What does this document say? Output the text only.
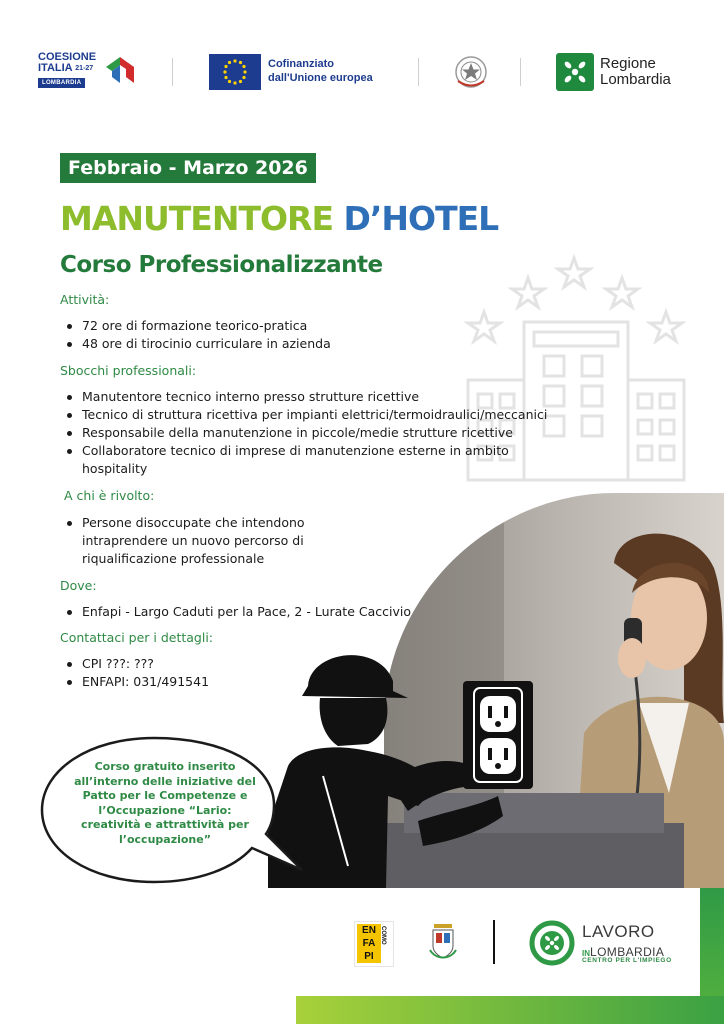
COESIONE
ITALIA $^{21-27}$
LOMBARDIA
Cofinanziato
dall'Unione europea
Regione
Lombardia
Febbraio - Marzo 2026
MANUTENTORE D’HOTEL
Corso Professionalizzante
Attività:
72 ore di formazione teorico-pratica
48 ore di tirocinio curriculare in azienda
Sbocchi professionali:
Manutentore tecnico interno presso strutture ricettive
Tecnico di struttura ricettiva per impianti elettrici/termoidraulici/meccanici
Responsabile della manutenzione in piccole/medie strutture ricettive
Collaboratore tecnico di imprese di manutenzione esterne in ambito hospitality
A chi è rivolto:
Persone disoccupate che intendono intraprendere un nuovo percorso di riqualificazione professionale
Dove:
Enfapi - Largo Caduti per la Pace, 2 - Lurate Caccivio
Contattaci per i dettagli:
CPI ???: ???
ENFAPI: 031/491541
Corso gratuito inserito all’interno delle iniziative del Patto per le Competenze e l’Occupazione “Lario: creatività e attrattività per l’occupazione”
EN
FA
PI
COMO	LAVORO
INLOMBARDIA
CENTRO PER L'IMPIEGO
